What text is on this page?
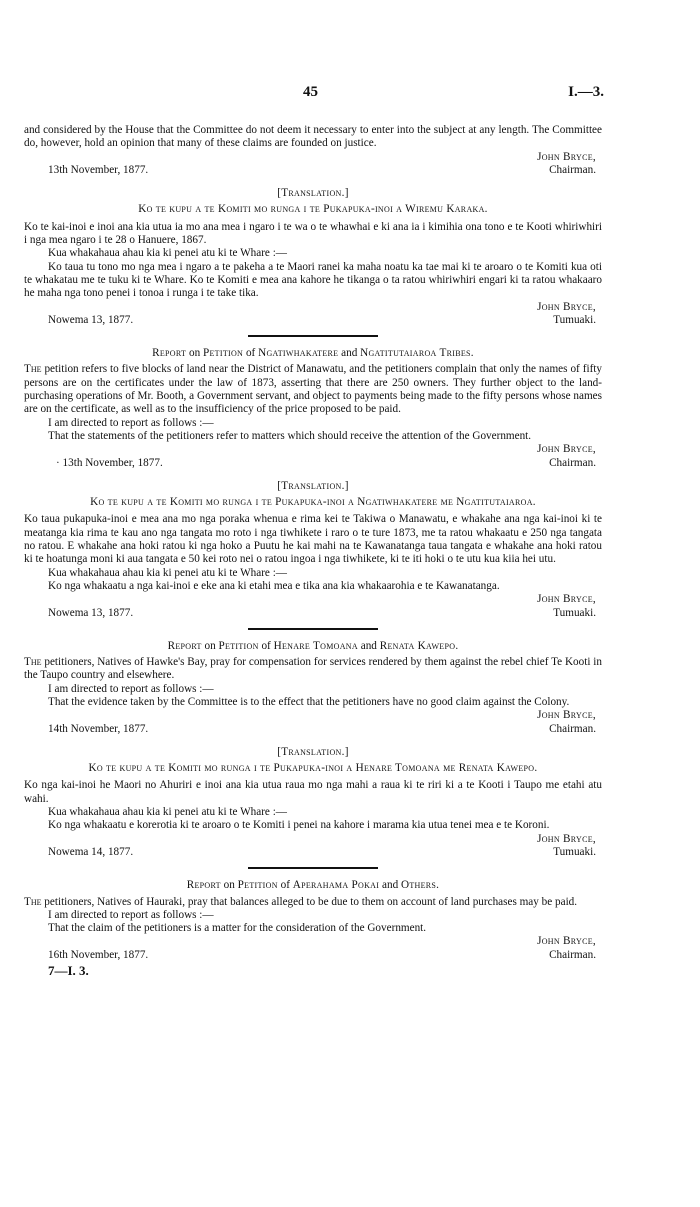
45	I.—3.

and considered by the House that the Committee do not deem it necessary to enter into the subject at any length. The Committee do, however, hold an opinion that many of these claims are founded on justice.

John Bryce,
13th November, 1877.	Chairman.
[Translation.]
Ko te kupu a te Komiti mo runga i te Pukapuka-inoi a Wiremu Karaka.

Ko te kai-inoi e inoi ana kia utua ia mo ana mea i ngaro i te wa o te whawhai e ki ana ia i kimihia ona tono e te Kooti whiriwhiri i nga mea ngaro i te 28 o Hanuere, 1867.

Kua whakahaua ahau kia ki penei atu ki te Whare :—

Ko taua tu tono mo nga mea i ngaro a te pakeha a te Maori ranei ka maha noatu ka tae mai ki te aroaro o te Komiti kua oti te whakatau me te tuku ki te Whare. Ko te Komiti e mea ana kahore he tikanga o ta ratou whiriwhiri engari ki ta ratou whakaaro he maha nga tono penei i tonoa i runga i te take tika.

John Bryce,
Nowema 13, 1877.	Tumuaki.
Report on Petition of Ngatiwhakatere and Ngatitutaiaroa Tribes.

The petition refers to five blocks of land near the District of Manawatu, and the petitioners complain that only the names of fifty persons are on the certificates under the law of 1873, asserting that there are 250 owners. They further object to the land-purchasing operations of Mr. Booth, a Government servant, and object to payments being made to the fifty persons whose names are on the certificate, as well as to the insufficiency of the price proposed to be paid.

I am directed to report as follows :—

That the statements of the petitioners refer to matters which should receive the attention of the Government.

John Bryce,
· 13th November, 1877.	Chairman.
[Translation.]
Ko te kupu a te Komiti mo runga i te Pukapuka-inoi a Ngatiwhakatere me Ngatitutaiaroa.

Ko taua pukapuka-inoi e mea ana mo nga poraka whenua e rima kei te Takiwa o Manawatu, e whakahe ana nga kai-inoi ki te meatanga kia rima te kau ano nga tangata mo roto i nga tiwhikete i raro o te ture 1873, me ta ratou whakaatu e 250 nga tangata no ratou. E whakahe ana hoki ratou ki nga hoko a Puutu he kai mahi na te Kawanatanga taua tangata e whakahe ana hoki ratou ki te hoatunga moni ki aua tangata e 50 kei roto nei o ratou ingoa i nga tiwhikete, ki te iti hoki o te utu kua kiia hei utu.

Kua whakahaua ahau kia ki penei atu ki te Whare :—

Ko nga whakaatu a nga kai-inoi e eke ana ki etahi mea e tika ana kia whakaarohia e te Kawanatanga.

John Bryce,
Nowema 13, 1877.	Tumuaki.
Report on Petition of Henare Tomoana and Renata Kawepo.

The petitioners, Natives of Hawke's Bay, pray for compensation for services rendered by them against the rebel chief Te Kooti in the Taupo country and elsewhere.

I am directed to report as follows :—

That the evidence taken by the Committee is to the effect that the petitioners have no good claim against the Colony.

John Bryce,
14th November, 1877.	Chairman.
[Translation.]
Ko te kupu a te Komiti mo runga i te Pukapuka-inoi a Henare Tomoana me Renata Kawepo.

Ko nga kai-inoi he Maori no Ahuriri e inoi ana kia utua raua mo nga mahi a raua ki te riri ki a te Kooti i Taupo me etahi atu wahi.

Kua whakahaua ahau kia ki penei atu ki te Whare :—

Ko nga whakaatu e korerotia ki te aroaro o te Komiti i penei na kahore i marama kia utua tenei mea e te Koroni.

John Bryce,
Nowema 14, 1877.	Tumuaki.
Report on Petition of Aperahama Pokai and Others.

The petitioners, Natives of Hauraki, pray that balances alleged to be due to them on account of land purchases may be paid.

I am directed to report as follows :—

That the claim of the petitioners is a matter for the consideration of the Government.

John Bryce,
16th November, 1877.	Chairman.
7—I. 3.
